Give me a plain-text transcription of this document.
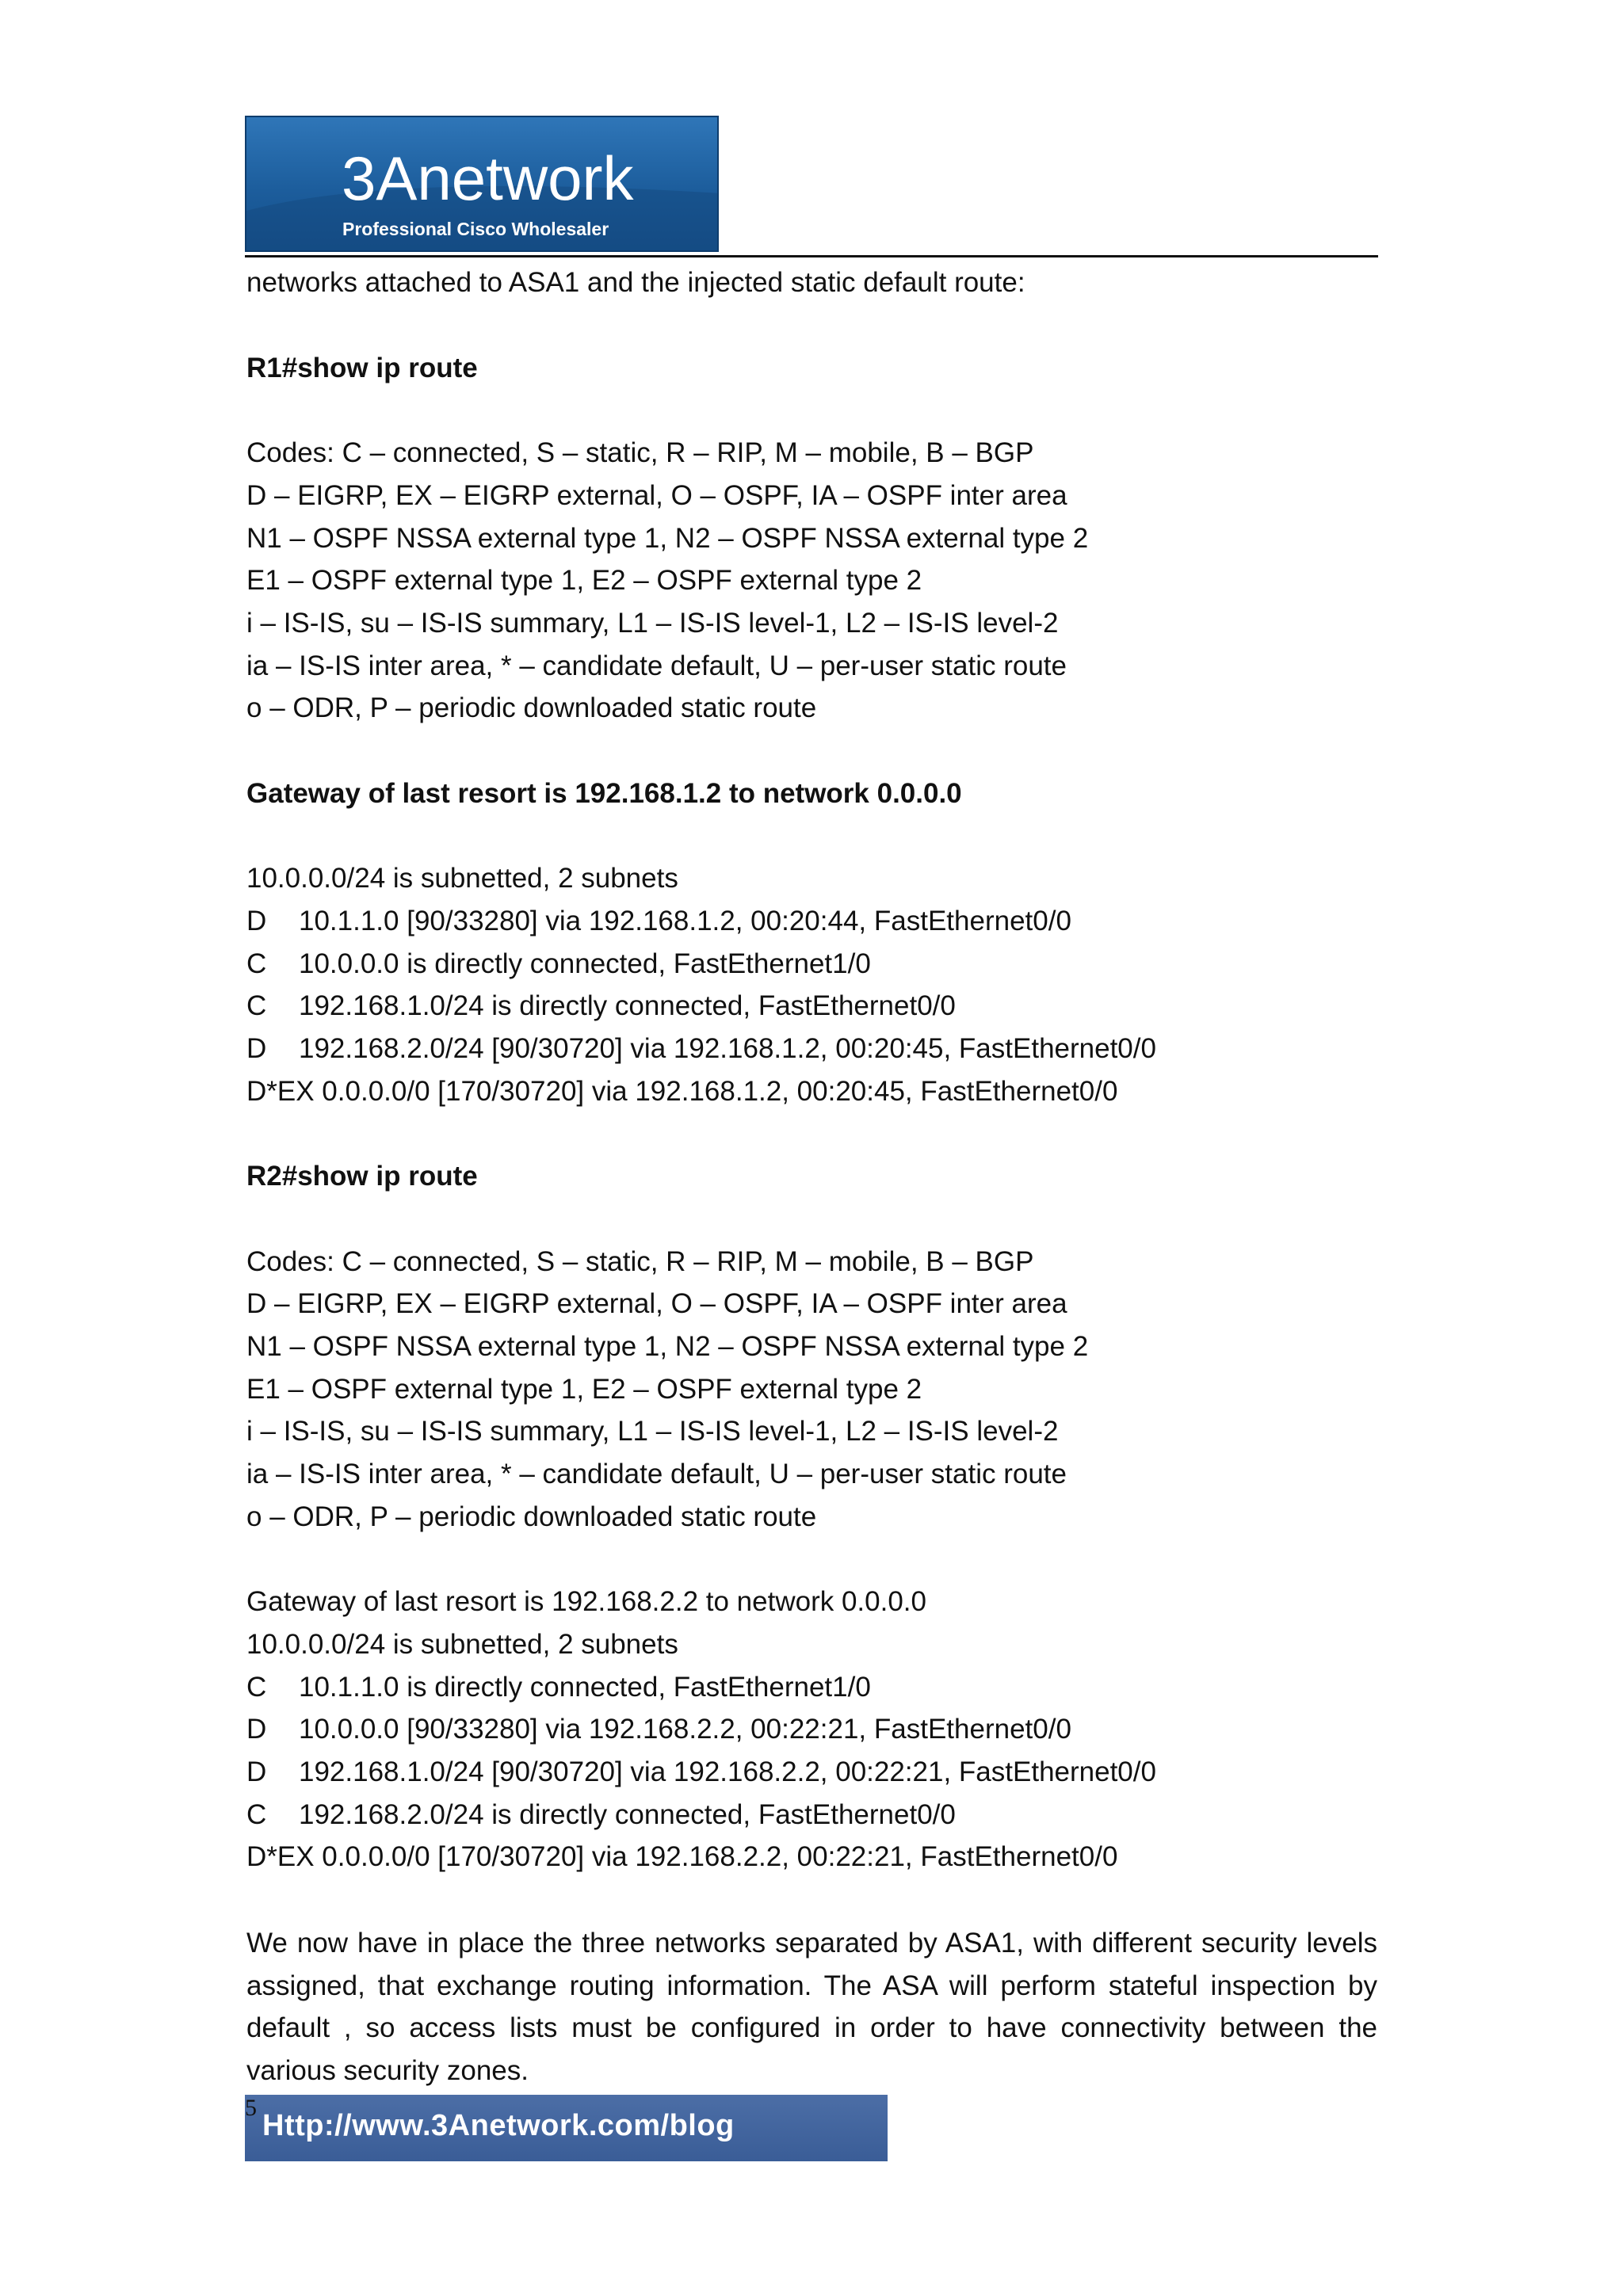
3Anetwork
Professional Cisco Wholesaler
networks attached to ASA1 and the injected static default route:
R1#show ip route
Codes: C – connected, S – static, R – RIP, M – mobile, B – BGP
D – EIGRP, EX – EIGRP external, O – OSPF, IA – OSPF inter area
N1 – OSPF NSSA external type 1, N2 – OSPF NSSA external type 2
E1 – OSPF external type 1, E2 – OSPF external type 2
i – IS-IS, su – IS-IS summary, L1 – IS-IS level-1, L2 – IS-IS level-2
ia – IS-IS inter area, * – candidate default, U – per-user static route
o – ODR, P – periodic downloaded static route
Gateway of last resort is 192.168.1.2 to network 0.0.0.0
10.0.0.0/24 is subnetted, 2 subnets
D 10.1.1.0 [90/33280] via 192.168.1.2, 00:20:44, FastEthernet0/0
C 10.0.0.0 is directly connected, FastEthernet1/0
C 192.168.1.0/24 is directly connected, FastEthernet0/0
D 192.168.2.0/24 [90/30720] via 192.168.1.2, 00:20:45, FastEthernet0/0
D*EX 0.0.0.0/0 [170/30720] via 192.168.1.2, 00:20:45, FastEthernet0/0
R2#show ip route
Codes: C – connected, S – static, R – RIP, M – mobile, B – BGP
D – EIGRP, EX – EIGRP external, O – OSPF, IA – OSPF inter area
N1 – OSPF NSSA external type 1, N2 – OSPF NSSA external type 2
E1 – OSPF external type 1, E2 – OSPF external type 2
i – IS-IS, su – IS-IS summary, L1 – IS-IS level-1, L2 – IS-IS level-2
ia – IS-IS inter area, * – candidate default, U – per-user static route
o – ODR, P – periodic downloaded static route
Gateway of last resort is 192.168.2.2 to network 0.0.0.0
10.0.0.0/24 is subnetted, 2 subnets
C 10.1.1.0 is directly connected, FastEthernet1/0
D 10.0.0.0 [90/33280] via 192.168.2.2, 00:22:21, FastEthernet0/0
D 192.168.1.0/24 [90/30720] via 192.168.2.2, 00:22:21, FastEthernet0/0
C 192.168.2.0/24 is directly connected, FastEthernet0/0
D*EX 0.0.0.0/0 [170/30720] via 192.168.2.2, 00:22:21, FastEthernet0/0
We now have in place the three networks separated by ASA1, with different security levels assigned, that exchange routing information. The ASA will perform stateful inspection by default , so access lists must be configured in order to have connectivity between the various security zones.
Http://www.3Anetwork.com/blog
5
